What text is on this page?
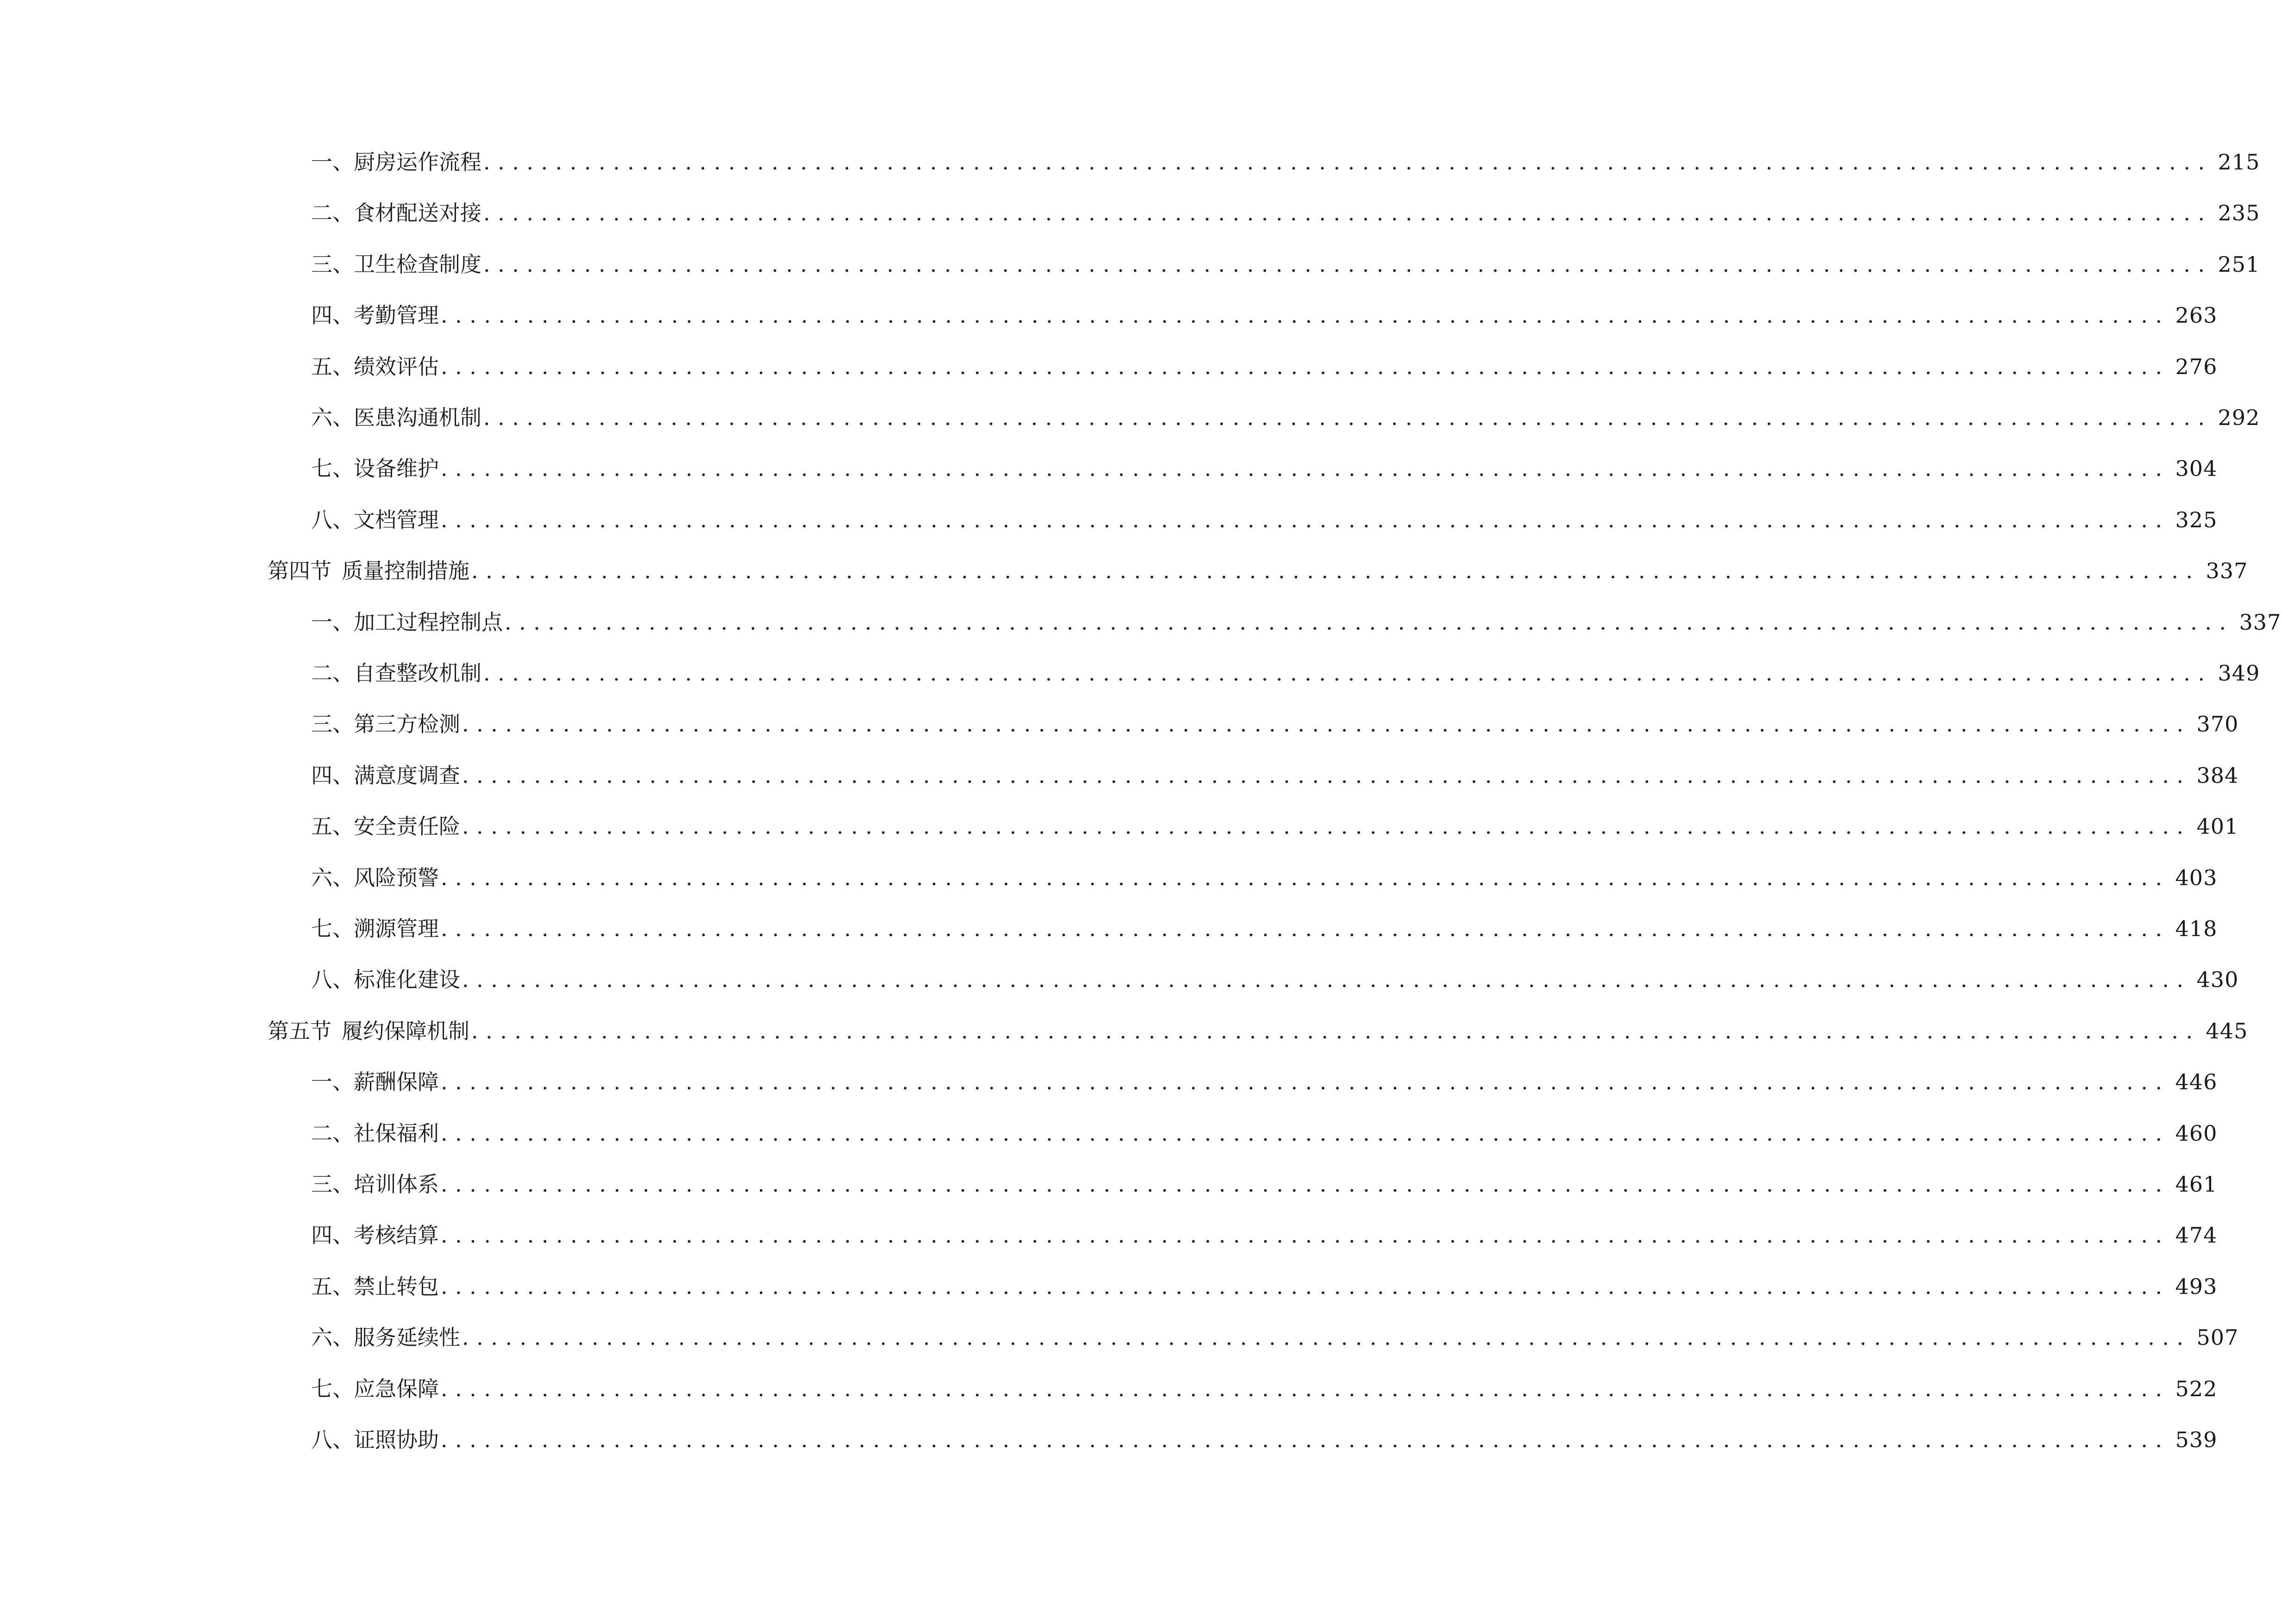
一、 厨房运作流程 ........................................................................................................................ 215
二、 食材配送对接 ........................................................................................................................ 235
三、 卫生检查制度 ........................................................................................................................ 251
四、 考勤管理 ........................................................................................................................ 263
五、 绩效评估 ........................................................................................................................ 276
六、 医患沟通机制 ........................................................................................................................ 292
七、 设备维护 ........................................................................................................................ 304
八、 文档管理 ........................................................................................................................ 325
第四节 质量控制措施 ........................................................................................................................ 337
一、 加工过程控制点 ........................................................................................................................ 337
二、 自查整改机制 ........................................................................................................................ 349
三、 第三方检测 ........................................................................................................................ 370
四、 满意度调查 ........................................................................................................................ 384
五、 安全责任险 ........................................................................................................................ 401
六、 风险预警 ........................................................................................................................ 403
七、 溯源管理 ........................................................................................................................ 418
八、 标准化建设 ........................................................................................................................ 430
第五节 履约保障机制 ........................................................................................................................ 445
一、 薪酬保障 ........................................................................................................................ 446
二、 社保福利 ........................................................................................................................ 460
三、 培训体系 ........................................................................................................................ 461
四、 考核结算 ........................................................................................................................ 474
五、 禁止转包 ........................................................................................................................ 493
六、 服务延续性 ........................................................................................................................ 507
七、 应急保障 ........................................................................................................................ 522
八、 证照协助 ........................................................................................................................ 539
